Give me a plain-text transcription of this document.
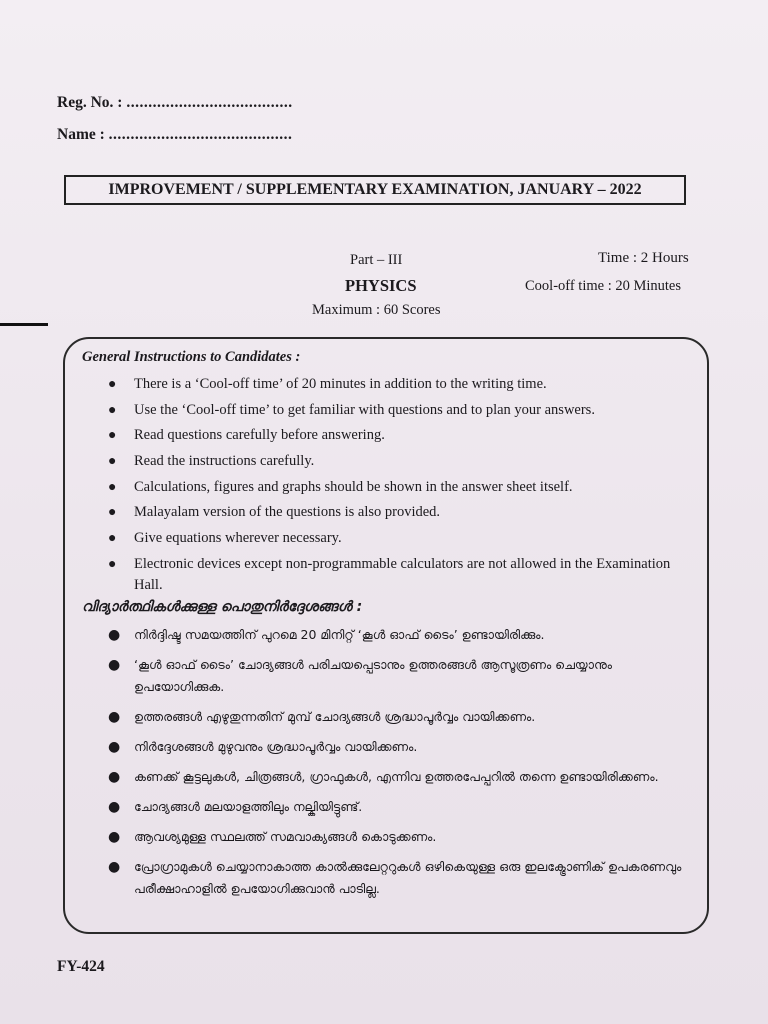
Reg. No. : ......................................
Name : ..........................................
IMPROVEMENT / SUPPLEMENTARY EXAMINATION, JANUARY – 2022
Part – III
PHYSICS
Maximum : 60 Scores
Time : 2 Hours
Cool-off time : 20 Minutes
General Instructions to Candidates :
● There is a ‘Cool-off time’ of 20 minutes in addition to the writing time.
● Use the ‘Cool-off time’ to get familiar with questions and to plan your answers.
● Read questions carefully before answering.
● Read the instructions carefully.
● Calculations, figures and graphs should be shown in the answer sheet itself.
● Malayalam version of the questions is also provided.
● Give equations wherever necessary.
● Electronic devices except non-programmable calculators are not allowed in the Examination Hall.
വിദ്യാർത്ഥികൾക്കുള്ള പൊതുനിർദ്ദേശങ്ങൾ :
● നിർദ്ദിഷ്ട സമയത്തിന് പുറമെ 20 മിനിറ്റ് ‘കൂൾ ഓഫ് ടൈം’ ഉണ്ടായിരിക്കും.
● ‘കൂൾ ഓഫ് ടൈം’ ചോദ്യങ്ങൾ പരിചയപ്പെടാനും ഉത്തരങ്ങൾ ആസൂത്രണം ചെയ്യാനും ഉപയോഗിക്കുക.
● ഉത്തരങ്ങൾ എഴുതുന്നതിന് മുമ്പ് ചോദ്യങ്ങൾ ശ്രദ്ധാപൂർവ്വം വായിക്കണം.
● നിർദ്ദേശങ്ങൾ മുഴുവനും ശ്രദ്ധാപൂർവ്വം വായിക്കണം.
● കണക്ക് കൂട്ടലുകൾ, ചിത്രങ്ങൾ, ഗ്രാഫുകൾ, എന്നിവ ഉത്തരപേപ്പറിൽ തന്നെ ഉണ്ടായിരിക്കണം.
● ചോദ്യങ്ങൾ മലയാളത്തിലും നല്കിയിട്ടുണ്ട്.
● ആവശ്യമുള്ള സ്ഥലത്ത് സമവാക്യങ്ങൾ കൊടുക്കണം.
● പ്രോഗ്രാമുകൾ ചെയ്യാനാകാത്ത കാൽക്കുലേറ്ററുകൾ ഒഴികെയുള്ള ഒരു ഇലക്ട്രോണിക് ഉപകരണവും പരീക്ഷാഹാളിൽ ഉപയോഗിക്കുവാൻ പാടില്ല.
FY-424
